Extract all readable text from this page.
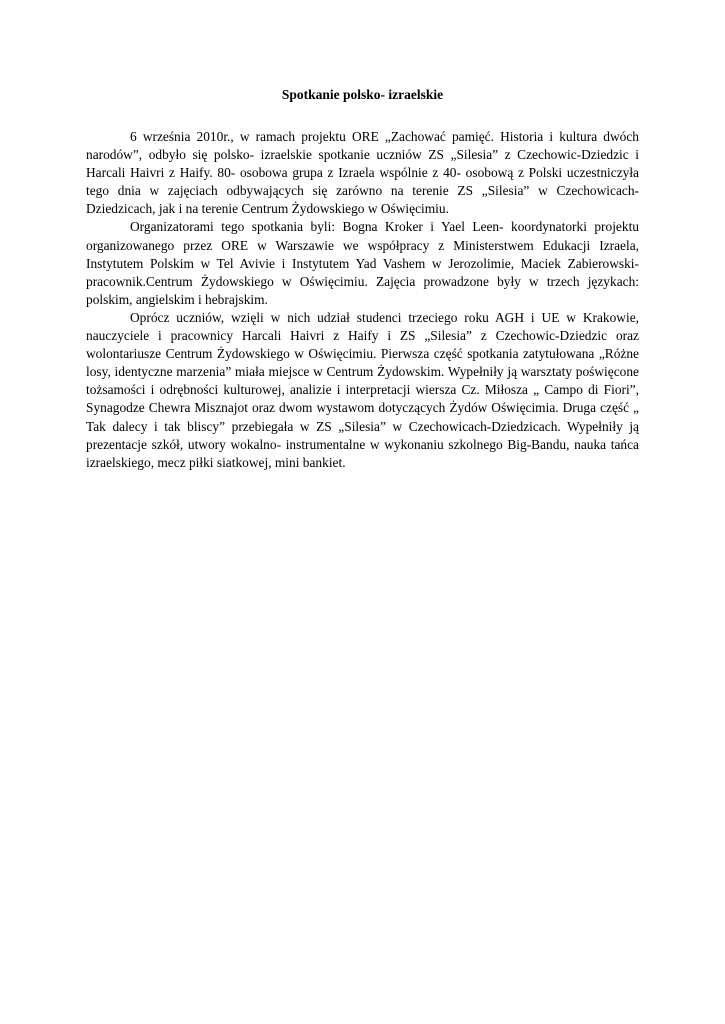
Spotkanie polsko- izraelskie

6 września 2010r., w ramach projektu ORE „Zachować pamięć. Historia i kultura dwóch narodów”, odbyło się polsko- izraelskie spotkanie uczniów ZS „Silesia” z Czechowic-Dziedzic i Harcali Haivri z Haify. 80- osobowa grupa z Izraela wspólnie z 40- osobową z Polski uczestniczyła tego dnia w zajęciach odbywających się zarówno na terenie ZS „Silesia” w Czechowicach-Dziedzicach, jak i na terenie Centrum Żydowskiego w Oświęcimiu.

Organizatorami tego spotkania byli: Bogna Kroker i Yael Leen- koordynatorki projektu organizowanego przez ORE w Warszawie we współpracy z Ministerstwem Edukacji Izraela, Instytutem Polskim w Tel Avivie i Instytutem Yad Vashem w Jerozolimie, Maciek Zabierowski- pracownik.Centrum Żydowskiego w Oświęcimiu. Zajęcia prowadzone były w trzech językach: polskim, angielskim i hebrajskim.

Oprócz uczniów, wzięli w nich udział studenci trzeciego roku AGH i UE w Krakowie, nauczyciele i pracownicy Harcali Haivri z Haify i ZS „Silesia” z Czechowic-Dziedzic oraz wolontariusze Centrum Żydowskiego w Oświęcimiu. Pierwsza część spotkania zatytułowana „Różne losy, identyczne marzenia” miała miejsce w Centrum Żydowskim. Wypełniły ją warsztaty poświęcone tożsamości i odrębności kulturowej, analizie i interpretacji wiersza Cz. Miłosza „ Campo di Fiori”, Synagodze Chewra Misznajot oraz dwom wystawom dotyczących Żydów Oświęcimia. Druga część „ Tak dalecy i tak bliscy” przebiegała w ZS „Silesia” w Czechowicach-Dziedzicach. Wypełniły ją prezentacje szkół, utwory wokalno- instrumentalne w wykonaniu szkolnego Big-Bandu, nauka tańca izraelskiego, mecz piłki siatkowej, mini bankiet.
